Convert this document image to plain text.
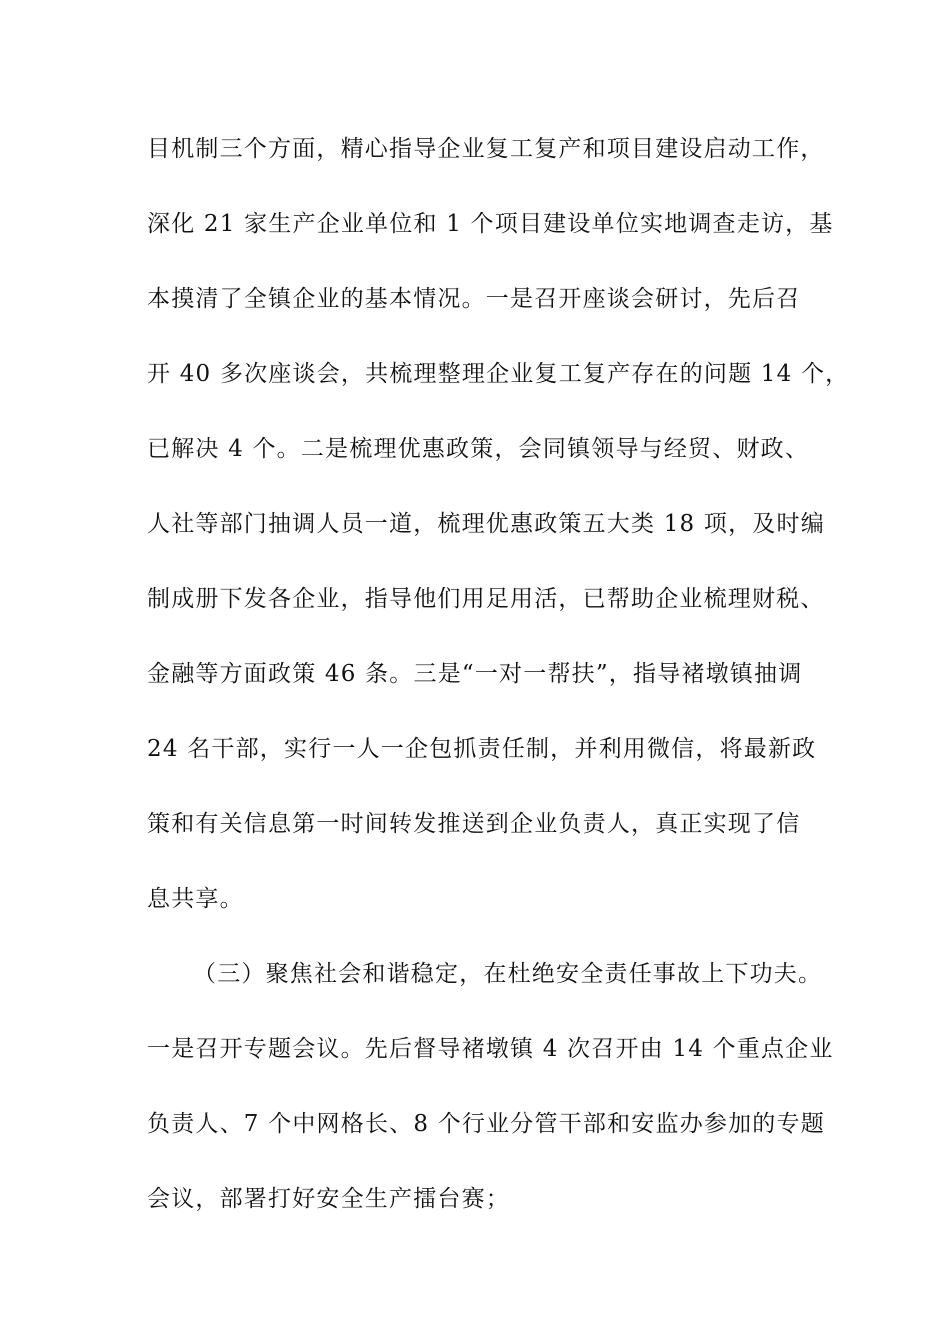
目机制三个方面，精心指导企业复工复产和项目建设启动工作，
深化 21 家生产企业单位和 1 个项目建设单位实地调查走访，基
本摸清了全镇企业的基本情况。一是召开座谈会研讨，先后召
开 40 多次座谈会，共梳理整理企业复工复产存在的问题 14 个，
已解决 4 个。二是梳理优惠政策，会同镇领导与经贸、财政、
人社等部门抽调人员一道，梳理优惠政策五大类 18 项，及时编
制成册下发各企业，指导他们用足用活，已帮助企业梳理财税、
金融等方面政策 46 条。三是“一对一帮扶”，指导褚墩镇抽调
24 名干部，实行一人一企包抓责任制，并利用微信，将最新政
策和有关信息第一时间转发推送到企业负责人，真正实现了信
息共享。
（三）聚焦社会和谐稳定，在杜绝安全责任事故上下功夫。
一是召开专题会议。先后督导褚墩镇 4 次召开由 14 个重点企业
负责人、7 个中网格长、8 个行业分管干部和安监办参加的专题
会议，部署打好安全生产擂台赛；
